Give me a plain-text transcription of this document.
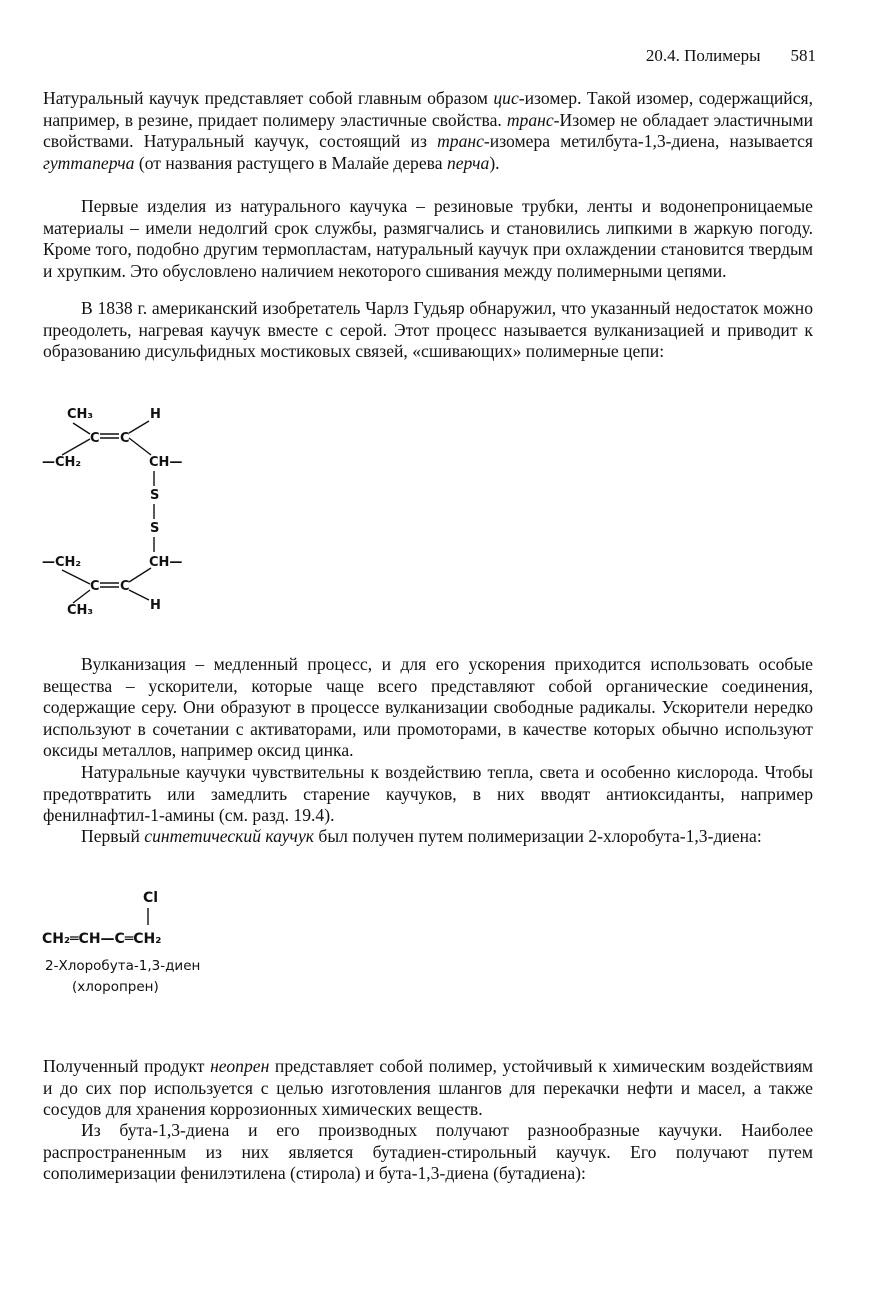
20.4. Полимеры 581

Натуральный каучук представляет собой главным образом цис-изомер. Такой изомер, содержащийся, например, в резине, придает полимеру эластичные свойства. транс-Изомер не обладает эластичными свойствами. Натуральный каучук, состоящий из транс-изомера метилбута-1,3-диена, называется гуттаперча (от названия растущего в Малайе дерева перча).

Первые изделия из натурального каучука – резиновые трубки, ленты и водонепроницаемые материалы – имели недолгий срок службы, размягчались и становились липкими в жаркую погоду. Кроме того, подобно другим термопластам, натуральный каучук при охлаждении становится твердым и хрупким. Это обусловлено наличием некоторого сшивания между полимерными цепями.

В 1838 г. американский изобретатель Чарлз Гудьяр обнаружил, что указанный недостаток можно преодолеть, нагревая каучук вместе с серой. Этот процесс называется вулканизацией и приводит к образованию дисульфидных мостиковых связей, «сшивающих» полимерные цепи:

CH₃	H
C C
—CH₂	CH—
S
S
—CH₂	CH—
C C
CH₃	H

Вулканизация – медленный процесс, и для его ускорения приходится использовать особые вещества – ускорители, которые чаще всего представляют собой органические соединения, содержащие серу. Они образуют в процессе вулканизации свободные радикалы. Ускорители нередко используют в сочетании с активаторами, или промоторами, в качестве которых обычно используют оксиды металлов, например оксид цинка.

Натуральные каучуки чувствительны к воздействию тепла, света и особенно кислорода. Чтобы предотвратить или замедлить старение каучуков, в них вводят антиоксиданты, например фенилнафтил-1-амины (см. разд. 19.4).

Первый синтетический каучук был получен путем полимеризации 2-хлоробута-1,3-диена:

Cl
CH₂═CH—C═CH₂
2-Хлоробута-1,3-диен
(хлоропрен)

Полученный продукт неопрен представляет собой полимер, устойчивый к химическим воздействиям и до сих пор используется с целью изготовления шлангов для перекачки нефти и масел, а также сосудов для хранения коррозионных химических веществ.

Из бута-1,3-диена и его производных получают разнообразные каучуки. Наиболее распространенным из них является бутадиен-стирольный каучук. Его получают путем сополимеризации фенилэтилена (стирола) и бута-1,3-диена (бутадиена):
